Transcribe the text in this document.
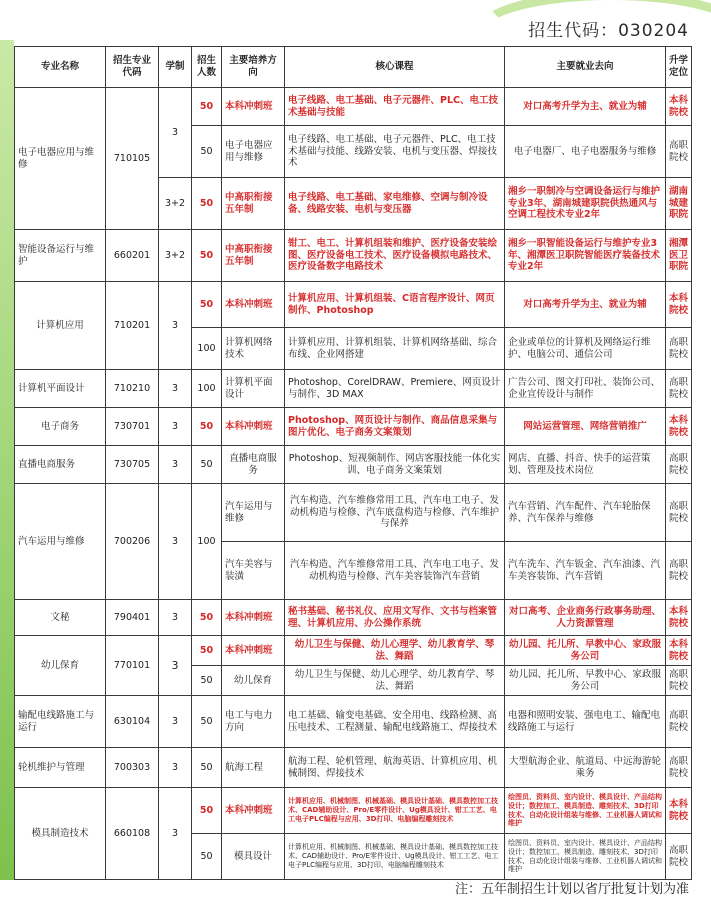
招生代码：030204
专业名称	招生专业代码	学制	招生人数	主要培养方向	核心课程	主要就业去向	升学定位
电子电器应用与维修	710105	3	50	本科冲刺班	电子线路、电工基础、电子元器件、PLC、电工技术基础与技能	对口高考升学为主、就业为辅	本科院校
			50	电子电器应用与维修	电子线路、电工基础、电子元器件、PLC、电工技术基础与技能、线路安装、电机与变压器、焊接技术	电子电器厂、电子电器服务与维修	高职院校
		3+2	50	中高职衔接五年制	电子线路、电工基础、家电维修、空调与制冷设备、线路安装、电机与变压器	湘乡一职制冷与空调设备运行与维护专业3年、湖南城建职院供热通风与空调工程技术专业2年	湖南城建职院
智能设备运行与维护	660201	3+2	50	中高职衔接五年制	钳工、电工、计算机组装和维护、医疗设备安装绘图、医疗设备电工技术、医疗设备模拟电路技术、医疗设备数字电路技术	湘乡一职智能设备运行与维护专业3年、湘潭医卫职院智能医疗装备技术专业2年	湘潭医卫职院
计算机应用	710201	3	50	本科冲刺班	计算机应用、计算机组装、C语言程序设计、网页制作、Photoshop	对口高考升学为主、就业为辅	本科院校
			100	计算机网络技术	计算机应用、计算机组装、计算机网络基础、综合布线、企业网搭建	企业或单位的计算机及网络运行维护、电脑公司、通信公司	高职院校
计算机平面设计	710210	3	100	计算机平面设计	Photoshop、CorelDRAW、Premiere、网页设计与制作、3D MAX	广告公司、图文打印社、装饰公司、企业宣传设计与制作	高职院校
电子商务	730701	3	50	本科冲刺班	Photoshop、网页设计与制作、商品信息采集与图片优化、电子商务文案策划	网站运营管理、网络营销推广	本科院校
直播电商服务	730705	3	50	直播电商服务	Photoshop、短视频制作、网店客服技能一体化实训、电子商务文案策划	网店、直播、抖音、快手的运营策划、管理及技术岗位	高职院校
汽车运用与维修	700206	3	100	汽车运用与维修	汽车构造、汽车维修常用工具、汽车电工电子、发动机构造与检修、汽车底盘构造与检修、汽车维护与保养	汽车营销、汽车配件、汽车轮胎保养、汽车保养与维修	高职院校
				汽车美容与装潢	汽车构造、汽车维修常用工具、汽车电工电子、发动机构造与检修、汽车美容装饰汽车营销	汽车洗车、汽车钣金、汽车油漆、汽车美容装饰、汽车营销	高职院校
文秘	790401	3	50	本科冲刺班	秘书基础、秘书礼仪、应用文写作、文书与档案管理、计算机应用、办公操作系统	对口高考、企业商务行政事务助理、人力资源管理	本科院校
幼儿保育	770101	3	50	本科冲刺班	幼儿卫生与保健、幼儿心理学、幼儿教育学、琴法、舞蹈	幼儿园、托儿所、早教中心、家政服务公司	本科院校
			50	幼儿保育	幼儿卫生与保健、幼儿心理学、幼儿教育学、琴法、舞蹈	幼儿园、托儿所、早教中心、家政服务公司	高职院校
输配电线路施工与运行	630104	3	50	电工与电力方向	电工基础、输变电基础、安全用电、线路检测、高压电技术、工程测量、输配电线路施工、焊接技术	电器和照明安装、强电电工、输配电线路施工与运行	高职院校
轮机维护与管理	700303	3	50	航海工程	航海工程、轮机管理、航海英语、计算机应用、机械制图、焊接技术	大型航海企业、航道局、中远海游轮乘务	高职院校
模具制造技术	660108	3	50	本科冲刺班	计算机应用、机械制图、机械基础、模具设计基础、模具数控加工技术、CAD辅助设计、Pro/E零件设计、Ug模具设计、钳工工艺、电工电子PLC编程与应用、3D打印、电脑编程雕刻技术	绘图员、资料员、室内设计、模具设计、产品结构设计；数控加工、模具制造、雕刻技术、3D打印技术、自动化设计组装与维修、工业机器人调试和维护	本科院校
			50	模具设计	计算机应用、机械制图、机械基础、模具设计基础、模具数控加工技术、CAD辅助设计、Pro/E零件设计、Ug模具设计、钳工工艺、电工电子PLC编程与应用、3D打印、电脑编程雕刻技术	绘图员、资料员、室内设计、模具设计、产品结构设计；数控加工、模具制造、雕刻技术、3D打印技术、自动化设计组装与维修、工业机器人调试和维护	高职院校
注：五年制招生计划以省厅批复计划为准
